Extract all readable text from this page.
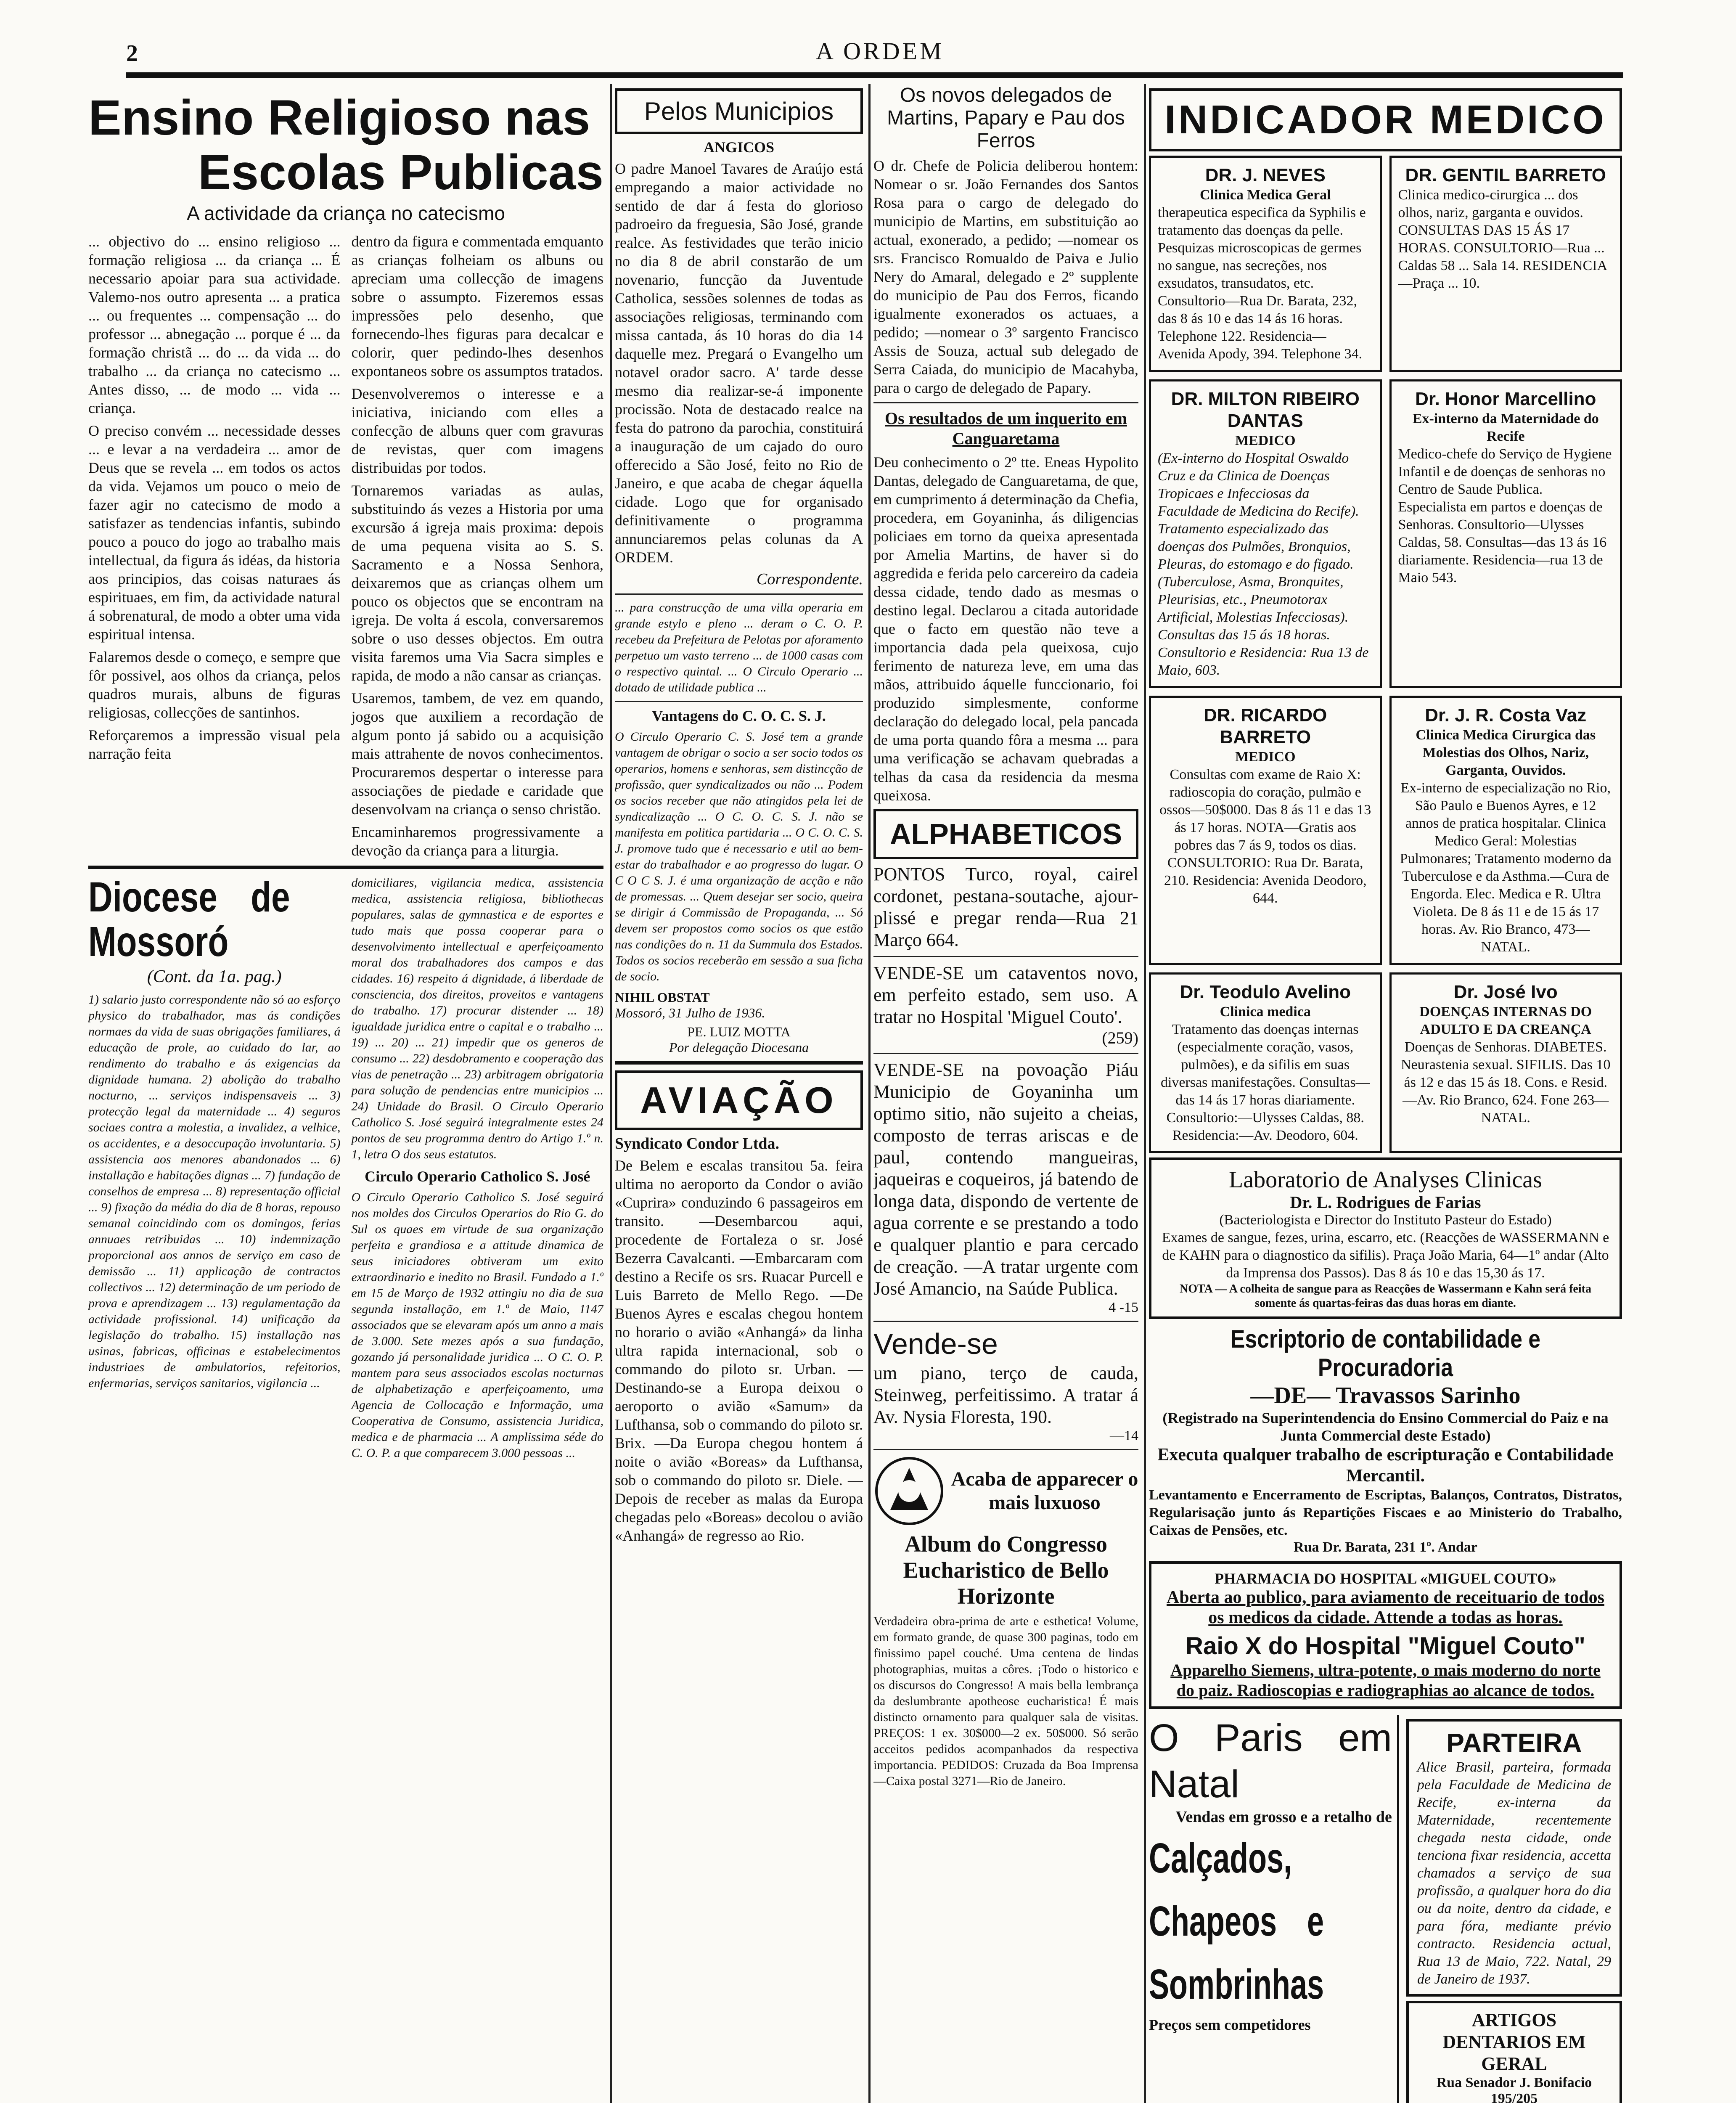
2	A ORDEM
Ensino Religioso nas
Escolas Publicas
A actividade da criança no catecismo

... objectivo do ... ensino religioso ... formação religiosa ... da criança ... É necessario apoiar para sua actividade. Valemo-nos outro apresenta ... a pratica ... ou frequentes ... compensação ... do professor ... abnegação ... porque é ... da formação christã ... do ... da vida ... do trabalho ... da criança no catecismo ... Antes disso, ... de modo ... vida ... criança.

O preciso convém ... necessidade desses ... e levar a na verdadeira ... amor de Deus que se revela ... em todos os actos da vida. Vejamos um pouco o meio de fazer agir no catecismo de modo a satisfazer as tendencias infantis, subindo pouco a pouco do jogo ao trabalho mais intellectual, da figura ás idéas, da historia aos principios, das coisas naturaes ás espirituaes, em fim, da actividade natural á sobrenatural, de modo a obter uma vida espiritual intensa.

Falaremos desde o começo, e sempre que fôr possivel, aos olhos da criança, pelos quadros murais, albuns de figuras religiosas, collecções de santinhos.

Reforçaremos a impressão visual pela narração feita

dentro da figura e commentada emquanto as crianças folheiam os albuns ou apreciam uma collecção de imagens sobre o assumpto. Fizeremos essas impressões pelo desenho, que fornecendo-lhes figuras para decalcar e colorir, quer pedindo-lhes desenhos expontaneos sobre os assumptos tratados.

Desenvolveremos o interesse e a iniciativa, iniciando com elles a confecção de albuns quer com gravuras de revistas, quer com imagens distribuidas por todos.

Tornaremos variadas as aulas, substituindo ás vezes a Historia por uma excursão á igreja mais proxima: depois de uma pequena visita ao S. S. Sacramento e a Nossa Senhora, deixaremos que as crianças olhem um pouco os objectos que se encontram na igreja. De volta á escola, conversaremos sobre o uso desses objectos. Em outra visita faremos uma Via Sacra simples e rapida, de modo a não cansar as crianças.

Usaremos, tambem, de vez em quando, jogos que auxiliem a recordação de algum ponto já sabido ou a acquisição mais attrahente de novos conhecimentos. Procuraremos despertar o interesse para associações de piedade e caridade que desenvolvam na criança o senso christão.

Encaminharemos progressivamente a devoção da criança para a liturgia.

Diocese de Mossoró
(Cont. da 1a. pag.)

1) salario justo correspondente não só ao esforço physico do trabalhador, mas ás condições normaes da vida de suas obrigações familiares, á educação de prole, ao cuidado do lar, ao rendimento do trabalho e ás exigencias da dignidade humana. 2) abolição do trabalho nocturno, ... serviços indispensaveis ... 3) protecção legal da maternidade ... 4) seguros sociaes contra a molestia, a invalidez, a velhice, os accidentes, e a desoccupação involuntaria. 5) assistencia aos menores abandonados ... 6) installação e habitações dignas ... 7) fundação de conselhos de empresa ... 8) representação official ... 9) fixação da média do dia de 8 horas, repouso semanal coincidindo com os domingos, ferias annuaes retribuidas ... 10) indemnização proporcional aos annos de serviço em caso de demissão ... 11) applicação de contractos collectivos ... 12) determinação de um periodo de prova e aprendizagem ... 13) regulamentação da actividade profissional. 14) unificação da legislação do trabalho. 15) installação nas usinas, fabricas, officinas e estabelecimentos industriaes de ambulatorios, refeitorios, enfermarias, serviços sanitarios, vigilancia ...

domiciliares, vigilancia medica, assistencia medica, assistencia religiosa, bibliothecas populares, salas de gymnastica e de esportes e tudo mais que possa cooperar para o desenvolvimento intellectual e aperfeiçoamento moral dos trabalhadores dos campos e das cidades. 16) respeito á dignidade, á liberdade de consciencia, dos direitos, proveitos e vantagens do trabalho. 17) procurar distender ... 18) igualdade juridica entre o capital e o trabalho ... 19) ... 20) ... 21) impedir que os generos de consumo ... 22) desdobramento e cooperação das vias de penetração ... 23) arbitragem obrigatoria para solução de pendencias entre municipios ... 24) Unidade do Brasil. O Circulo Operario Catholico S. José seguirá integralmente estes 24 pontos de seu programma dentro do Artigo 1.º n. 1, letra O dos seus estatutos.

Circulo Operario Catholico S. José

O Circulo Operario Catholico S. José seguirá nos moldes dos Circulos Operarios do Rio G. do Sul os quaes em virtude de sua organização perfeita e grandiosa e a attitude dinamica de seus iniciadores obtiveram um exito extraordinario e inedito no Brasil. Fundado a 1.º em 15 de Março de 1932 attingiu no dia de sua segunda installação, em 1.º de Maio, 1147 associados que se elevaram após um anno a mais de 3.000. Sete mezes após a sua fundação, gozando já personalidade juridica ... O C. O. P. mantem para seus associados escolas nocturnas de alphabetização e aperfeiçoamento, uma Agencia de Collocação e Informação, uma Cooperativa de Consumo, assistencia Juridica, medica e de pharmacia ... A amplissima séde do C. O. P. a que comparecem 3.000 pessoas ...

Pelos Municipios
ANGICOS

O padre Manoel Tavares de Araújo está empregando a maior actividade no sentido de dar á festa do glorioso padroeiro da freguesia, São José, grande realce. As festividades que terão inicio no dia 8 de abril constarão de um novenario, funcção da Juventude Catholica, sessões solennes de todas as associações religiosas, terminando com missa cantada, ás 10 horas do dia 14 daquelle mez. Pregará o Evangelho um notavel orador sacro. A' tarde desse mesmo dia realizar-se-á imponente procissão. Nota de destacado realce na festa do patrono da parochia, constituirá a inauguração de um cajado do ouro offerecido a São José, feito no Rio de Janeiro, e que acaba de chegar áquella cidade. Logo que for organisado definitivamente o programma annunciaremos pelas colunas da A ORDEM.

Correspondente.

... para construcção de uma villa operaria em grande estylo e pleno ... deram o C. O. P. recebeu da Prefeitura de Pelotas por aforamento perpetuo um vasto terreno ... de 1000 casas com o respectivo quintal. ... O Circulo Operario ... dotado de utilidade publica ...

Vantagens do C. O. C. S. J.

O Circulo Operario C. S. José tem a grande vantagem de obrigar o socio a ser socio todos os operarios, homens e senhoras, sem distincção de profissão, quer syndicalizados ou não ... Podem os socios receber que não atingidos pela lei de syndicalização ... O C. O. C. S. J. não se manifesta em politica partidaria ... O C. O. C. S. J. promove tudo que é necessario e util ao bem-estar do trabalhador e ao progresso do lugar. O C O C S. J. é uma organização de acção e não de promessas. ... Quem desejar ser socio, queira se dirigir á Commissão de Propaganda, ... Só devem ser propostos como socios os que estão nas condições do n. 11 da Summula dos Estados. Todos os socios receberão em sessão a sua ficha de socio.

NIHIL OBSTAT
Mossoró, 31 Julho de 1936.
PE. LUIZ MOTTA
Por delegação Diocesana
AVIAÇÃO
Syndicato Condor Ltda.

De Belem e escalas transitou 5a. feira ultima no aeroporto da Condor o avião «Cuprira» conduzindo 6 passageiros em transito. —Desembarcou aqui, procedente de Fortaleza o sr. José Bezerra Cavalcanti. —Embarcaram com destino a Recife os srs. Ruacar Purcell e Luis Barreto de Mello Rego. —De Buenos Ayres e escalas chegou hontem no horario o avião «Anhangá» da linha ultra rapida internacional, sob o commando do piloto sr. Urban. —Destinando-se a Europa deixou o aeroporto o avião «Samum» da Lufthansa, sob o commando do piloto sr. Brix. —Da Europa chegou hontem á noite o avião «Boreas» da Lufthansa, sob o commando do piloto sr. Diele. —Depois de receber as malas da Europa chegadas pelo «Boreas» decolou o avião «Anhangá» de regresso ao Rio.

Os novos delegados de Martins, Papary e Pau dos Ferros

O dr. Chefe de Policia deliberou hontem: Nomear o sr. João Fernandes dos Santos Rosa para o cargo de delegado do municipio de Martins, em substituição ao actual, exonerado, a pedido; —nomear os srs. Francisco Romualdo de Paiva e Julio Nery do Amaral, delegado e 2º supplente do municipio de Pau dos Ferros, ficando igualmente exonerados os actuaes, a pedido; —nomear o 3º sargento Francisco Assis de Souza, actual sub delegado de Serra Caiada, do municipio de Macahyba, para o cargo de delegado de Papary.

Os resultados de um inquerito em Canguaretama

Deu conhecimento o 2º tte. Eneas Hypolito Dantas, delegado de Canguaretama, de que, em cumprimento á determinação da Chefia, procedera, em Goyaninha, ás diligencias policiaes em torno da queixa apresentada por Amelia Martins, de haver si do aggredida e ferida pelo carcereiro da cadeia dessa cidade, tendo dado as mesmas o destino legal. Declarou a citada autoridade que o facto em questão não teve a importancia dada pela queixosa, cujo ferimento de natureza leve, em uma das mãos, attribuido áquelle funccionario, foi produzido simplesmente, conforme declaração do delegado local, pela pancada de uma porta quando fôra a mesma ... para uma verificação se achavam quebradas a telhas da casa da residencia da mesma queixosa.

ALPHABETICOS

PONTOS Turco, royal, cairel cordonet, pestana-soutache, ajour-plissé e pregar renda—Rua 21 Março 664.

VENDE-SE um cataventos novo, em perfeito estado, sem uso. A tratar no Hospital 'Miguel Couto'.

(259)

VENDE-SE na povoação Piáu Municipio de Goyaninha um optimo sitio, não sujeito a cheias, composto de terras ariscas e de paul, contendo mangueiras, jaqueiras e coqueiros, já batendo de longa data, dispondo de vertente de agua corrente e se prestando a todo e qualquer plantio e para cercado de creação. —A tratar urgente com José Amancio, na Saúde Publica.

4 -15
Vende-se

um piano, terço de cauda, Steinweg, perfeitissimo. A tratar á Av. Nysia Floresta, 190.

—14
Acaba de apparecer o mais luxuoso
Album do Congresso Eucharistico de Bello Horizonte

Verdadeira obra-prima de arte e esthetica! Volume, em formato grande, de quase 300 paginas, todo em finissimo papel couché. Uma centena de lindas photographias, muitas a côres. ¡Todo o historico e os discursos do Congresso! A mais bella lembrança da deslumbrante apotheose eucharistica! É mais distincto ornamento para qualquer sala de visitas. PREÇOS: 1 ex. 30$000—2 ex. 50$000. Só serão acceitos pedidos acompanhados da respectiva importancia. PEDIDOS: Cruzada da Boa Imprensa—Caixa postal 3271—Rio de Janeiro.

INDICADOR MEDICO
DR. J. NEVES
Clinica Medica Geral
therapeutica especifica da Syphilis e tratamento das doenças da pelle. Pesquizas microscopicas de germes no sangue, nas secreções, nos exsudatos, transudatos, etc. Consultorio—Rua Dr. Barata, 232, das 8 ás 10 e das 14 ás 16 horas. Telephone 122. Residencia—Avenida Apody, 394. Telephone 34.
DR. GENTIL BARRETO
Clinica medico-cirurgica ... dos olhos, nariz, garganta e ouvidos. CONSULTAS DAS 15 ÁS 17 HORAS. CONSULTORIO—Rua ... Caldas 58 ... Sala 14. RESIDENCIA—Praça ... 10.
DR. MILTON RIBEIRO DANTAS
MEDICO
(Ex-interno do Hospital Oswaldo Cruz e da Clinica de Doenças Tropicaes e Infecciosas da Faculdade de Medicina do Recife). Tratamento especializado das doenças dos Pulmões, Bronquios, Pleuras, do estomago e do figado. (Tuberculose, Asma, Bronquites, Pleurisias, etc., Pneumotorax Artificial, Molestias Infecciosas). Consultas das 15 ás 18 horas. Consultorio e Residencia: Rua 13 de Maio, 603.
Dr. Honor Marcellino
Ex-interno da Maternidade do Recife
Medico-chefe do Serviço de Hygiene Infantil e de doenças de senhoras no Centro de Saude Publica. Especialista em partos e doenças de Senhoras. Consultorio—Ulysses Caldas, 58. Consultas—das 13 ás 16 diariamente. Residencia—rua 13 de Maio 543.
DR. RICARDO BARRETO
MEDICO
Consultas com exame de Raio X: radioscopia do coração, pulmão e ossos—50$000. Das 8 ás 11 e das 13 ás 17 horas. NOTA—Gratis aos pobres das 7 ás 9, todos os dias. CONSULTORIO: Rua Dr. Barata, 210. Residencia: Avenida Deodoro, 644.
Dr. J. R. Costa Vaz
Clinica Medica Cirurgica das Molestias dos Olhos, Nariz, Garganta, Ouvidos.
Ex-interno de especialização no Rio, São Paulo e Buenos Ayres, e 12 annos de pratica hospitalar. Clinica Medico Geral: Molestias Pulmonares; Tratamento moderno da Tuberculose e da Asthma.—Cura de Engorda. Elec. Medica e R. Ultra Violeta. De 8 ás 11 e de 15 ás 17 horas. Av. Rio Branco, 473—NATAL.
Dr. Teodulo Avelino
Clinica medica
Tratamento das doenças internas (especialmente coração, vasos, pulmões), e da sifilis em suas diversas manifestações. Consultas—das 14 ás 17 horas diariamente. Consultorio:—Ulysses Caldas, 88. Residencia:—Av. Deodoro, 604.
Dr. José Ivo
DOENÇAS INTERNAS DO ADULTO E DA CREANÇA
Doenças de Senhoras. DIABETES. Neurastenia sexual. SIFILIS. Das 10 ás 12 e das 15 ás 18. Cons. e Resid.—Av. Rio Branco, 624. Fone 263—NATAL.
Laboratorio de Analyses Clinicas
Dr. L. Rodrigues de Farias
(Bacteriologista e Director do Instituto Pasteur do Estado)
Exames de sangue, fezes, urina, escarro, etc. (Reacções de WASSERMANN e de KAHN para o diagnostico da sifilis). Praça João Maria, 64—1º andar (Alto da Imprensa dos Passos). Das 8 ás 10 e das 15,30 ás 17.
NOTA — A colheita de sangue para as Reacções de Wassermann e Kahn será feita somente ás quartas-feiras das duas horas em diante.
Escriptorio de contabilidade e Procuradoria
—DE— Travassos Sarinho
(Registrado na Superintendencia do Ensino Commercial do Paiz e na Junta Commercial deste Estado)
Executa qualquer trabalho de escripturação e Contabilidade Mercantil.
Levantamento e Encerramento de Escriptas, Balanços, Contratos, Distratos, Regularisação junto ás Repartições Fiscaes e ao Ministerio do Trabalho, Caixas de Pensões, etc.
Rua Dr. Barata, 231 1º. Andar
PHARMACIA DO HOSPITAL «MIGUEL COUTO»
Aberta ao publico, para aviamento de receituario de todos os medicos da cidade. Attende a todas as horas.
Raio X do Hospital "Miguel Couto"
Apparelho Siemens, ultra-potente, o mais moderno do norte do paiz. Radioscopias e radiographias ao alcance de todos.
O Paris em Natal
Vendas em grosso e a retalho de
Calçados, Chapeos e Sombrinhas
Preços sem competidores
PARTEIRA
Alice Brasil, parteira, formada pela Faculdade de Medicina de Recife, ex-interna da Maternidade, recentemente chegada nesta cidade, onde tenciona fixar residencia, accetta chamados a serviço de sua profissão, a qualquer hora do dia ou da noite, dentro da cidade, e para fóra, mediante prévio contracto. Residencia actual, Rua 13 de Maio, 722. Natal, 29 de Janeiro de 1937.
ARTIGOS DENTARIOS EM GERAL
Rua Senador J. Bonifacio 195/205
